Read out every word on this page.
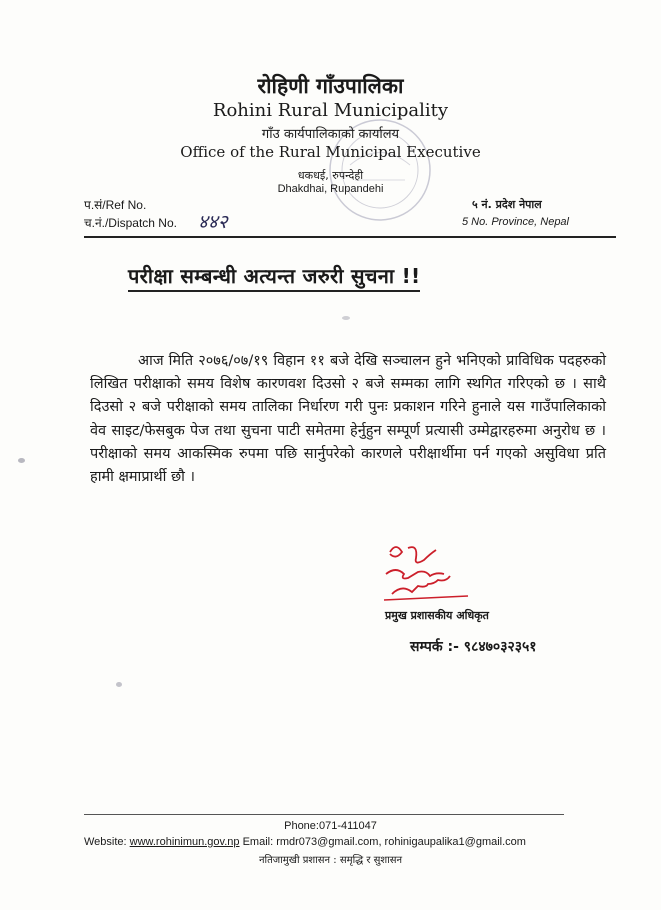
रोहिणी गाँउपालिका
Rohini Rural Municipality
गाँउ कार्यपालिकाको कार्यालय
Office of the Rural Municipal Executive
धकधई, रुपन्देही
Dhakdhai, Rupandehi
प.सं/Ref No.
च.नं./Dispatch No. ४४२
५ नं. प्रदेश नेपाल
5 No. Province, Nepal
परीक्षा सम्बन्धी अत्यन्त जरुरी सुचना !!
आज मिति २०७६/०७/१९ विहान ११ बजे देखि सञ्चालन हुने भनिएको प्राविधिक पदहरुको लिखित परीक्षाको समय विशेष कारणवश दिउसो २ बजे सम्मका लागि स्थगित गरिएको छ । साथै दिउसो २ बजे परीक्षाको समय तालिका निर्धारण गरी पुनः प्रकाशन गरिने हुनाले यस गाउँपालिकाको वेव साइट/फेसबुक पेज तथा सुचना पाटी समेतमा हेर्नुहुन सम्पूर्ण प्रत्यासी उम्मेद्वारहरुमा अनुरोध छ । परीक्षाको समय आकस्मिक रुपमा पछि सार्नुपरेको कारणले परीक्षार्थीमा पर्न गएको असुविधा प्रति हामी क्षमाप्रार्थी छौ ।
प्रमुख प्रशासकीय अधिकृत
सम्पर्क :- ९८४७०३२३५१
Phone:071-411047
Website: www.rohinimun.gov.np Email: rmdr073@gmail.com, rohinigaupalika1@gmail.com
नतिजामुखी प्रशासन : समृद्धि र सुशासन
